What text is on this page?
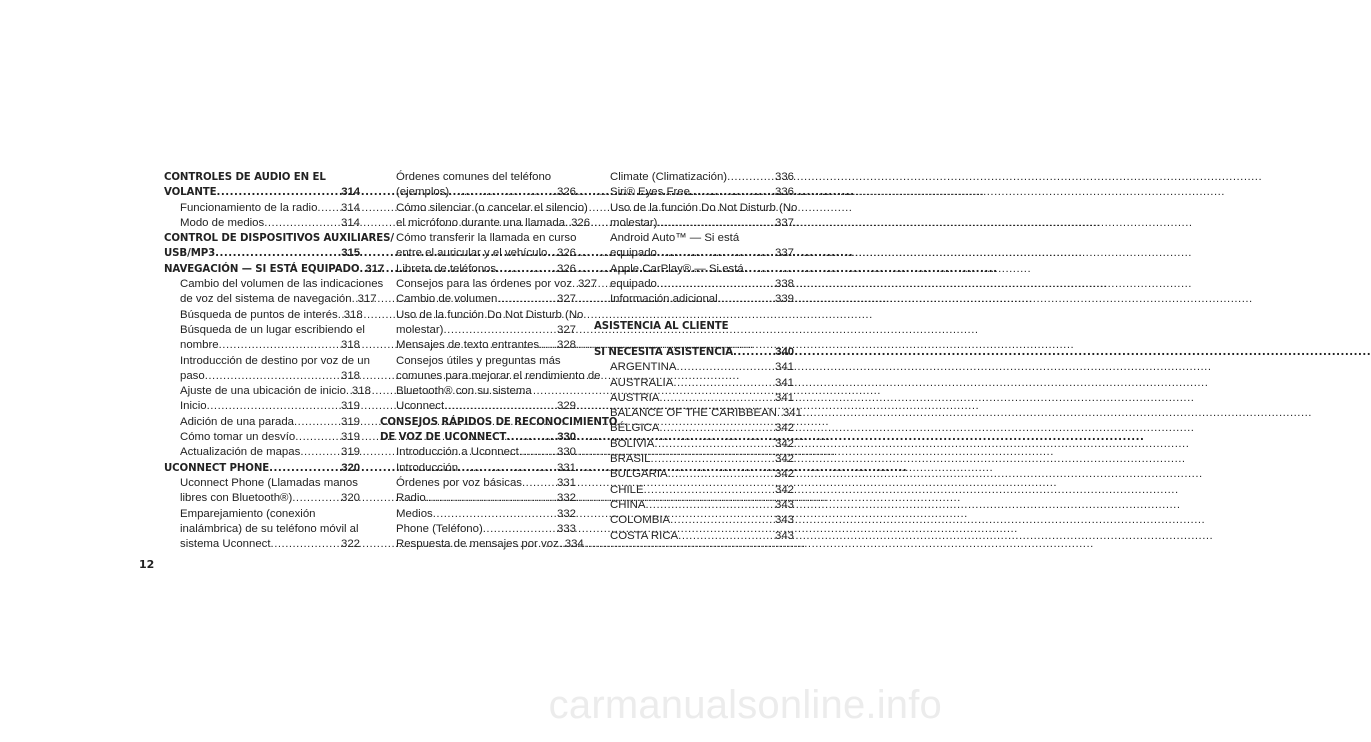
CONTROLES DE AUDIO EN EL
VOLANTE .....	314
Funcionamiento de la radio ..... 314
Modo de medios .....	314
CONTROL DE DISPOSITIVOS AUXILIARES/
USB/MP3 .....	315
NAVEGACIÓN — SI ESTÁ EQUIPADO ..... 317
Cambio del volumen de las indicaciones
de voz del sistema de navegación ..... 317
Búsqueda de puntos de interés ..... 318
Búsqueda de un lugar escribiendo el
nombre .....	318
Introducción de destino por voz de un
paso .....	318
Ajuste de una ubicación de inicio ..... 318
Inicio .....	319
Adición de una parada .....	319
Cómo tomar un desvío .....	319
Actualización de mapas .....	319
UCONNECT PHONE .....	320
Uconnect Phone (Llamadas manos
libres con Bluetooth®) .....	320
Emparejamiento (conexión
inalámbrica) de su teléfono móvil al
sistema Uconnect .....	322
Órdenes comunes del teléfono
(ejemplos) .....	326
Cómo silenciar (o cancelar el silencio)
el micrófono durante una llamada ..... 326
Cómo transferir la llamada en curso
entre el auricular y el vehículo ..... 326
Libreta de teléfonos .....	326
Consejos para las órdenes por voz ..... 327
Cambio de volumen .....	327
Uso de la función Do Not Disturb (No
molestar) .....	327
Mensajes de texto entrantes ..... 328
Consejos útiles y preguntas más
comunes para mejorar el rendimiento de
Bluetooth® con su sistema
Uconnect .....	329
CONSEJOS RÁPIDOS DE RECONOCIMIENTO
DE VOZ DE UCONNECT .....	330
Introducción a Uconnect .....	330
Introducción .....	331
Órdenes por voz básicas .....	331
Radio .....	332
Medios .....	332
Phone (Teléfono) .....	333
Respuesta de mensajes por voz ..... 334
Climate (Climatización) .....	336
Siri® Eyes Free .....	336
Uso de la función Do Not Disturb (No
molestar) .....	337
Android Auto™ — Si está
equipado .....	337
Apple CarPlay® — Si está
equipado .....	338
Información adicional .....	339
ASISTENCIA AL CLIENTE
SI NECESITA ASISTENCIA .....	340
ARGENTINA .....	341
AUSTRALIA .....	341
AUSTRIA .....	341
BALANCE OF THE CARIBBEAN ..... 341
BÉLGICA .....	342
BOLIVIA .....	342
BRASIL .....	342
BULGARIA .....	342
CHILE .....	342
CHINA .....	343
COLOMBIA .....	343
COSTA RICA .....	343
12
carmanualsonline.info
